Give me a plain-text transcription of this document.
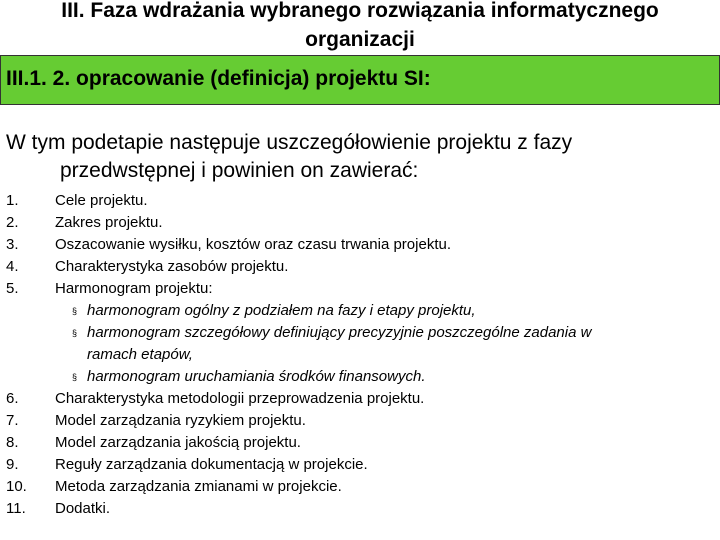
III. Faza wdrażania wybranego rozwiązania informatycznego
organizacji
III.1. 2. opracowanie (definicja) projektu SI:
W tym podetapie następuje uszczegółowienie projektu z fazy
przedwstępnej i powinien on zawierać:
1. Cele projektu.
2. Zakres projektu.
3. Oszacowanie wysiłku, kosztów oraz czasu trwania projektu.
4. Charakterystyka zasobów projektu.
5. Harmonogram projektu:
§ harmonogram ogólny z podziałem na fazy i etapy projektu,
§ harmonogram szczegółowy definiujący precyzyjnie poszczególne zadania w
ramach etapów,
§ harmonogram uruchamiania środków finansowych.
6. Charakterystyka metodologii przeprowadzenia projektu.
7. Model zarządzania ryzykiem projektu.
8. Model zarządzania jakością projektu.
9. Reguły zarządzania dokumentacją w projekcie.
10. Metoda zarządzania zmianami w projekcie.
11. Dodatki.
